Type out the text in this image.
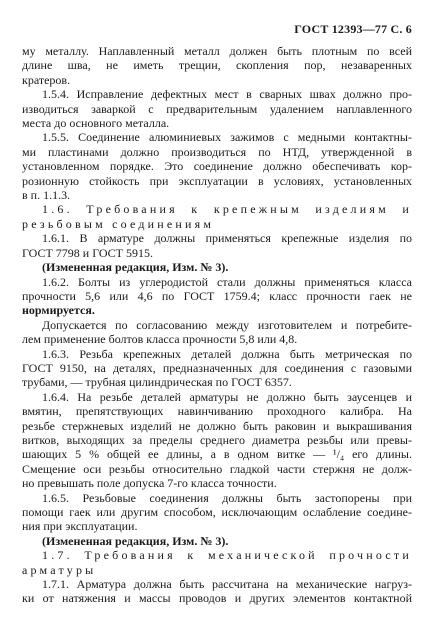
ГОСТ 12393—77 С. 6
му металлу. Наплавленный металл должен быть плотным по всей
длине шва, не иметь трещин, скопления пор, незаваренных
кратеров.
1.5.4. Исправление дефектных мест в сварных швах должно про-
изводиться заваркой с предварительным удалением наплавленного
места до основного металла.
1.5.5. Соединение алюминиевых зажимов с медными контактны-
ми пластинами должно производиться по НТД, утвержденной в
установленном порядке. Это соединение должно обеспечивать кор-
розионную стойкость при эксплуатации в условиях, установленных
в п. 1.1.3.
1.6. Требования к крепежным изделиям и
резьбовым соединениям
1.6.1. В арматуре должны применяться крепежные изделия по
ГОСТ 7798 и ГОСТ 5915.
(Измененная редакция, Изм. № 3).
1.6.2. Болты из углеродистой стали должны применяться класса
прочности 5,6 или 4,6 по ГОСТ 1759.4; класс прочности гаек не
нормируется.
Допускается по согласованию между изготовителем и потребите-
лем применение болтов класса прочности 5,8 или 4,8.
1.6.3. Резьба крепежных деталей должна быть метрическая по
ГОСТ 9150, на деталях, предназначенных для соединения с газовыми
трубами, — трубная цилиндрическая по ГОСТ 6357.
1.6.4. На резьбе деталей арматуры не должно быть заусенцев и
вмятин, препятствующих навинчиванию проходного калибра. На
резьбе стержневых изделий не должно быть раковин и выкрашивания
витков, выходящих за пределы среднего диаметра резьбы или превы-
шающих 5 % общей ее длины, а в одном витке — ¹/₄ его длины.
Смещение оси резьбы относительно гладкой части стержня не долж-
но превышать поле допуска 7-го класса точности.
1.6.5. Резьбовые соединения должны быть застопорены при
помощи гаек или другим способом, исключающим ослабление соедине-
ния при эксплуатации.
(Измененная редакция, Изм. № 3).
1.7. Требования к механической прочности
арматуры
1.7.1. Арматура должна быть рассчитана на механические нагруз-
ки от натяжения и массы проводов и других элементов контактной
